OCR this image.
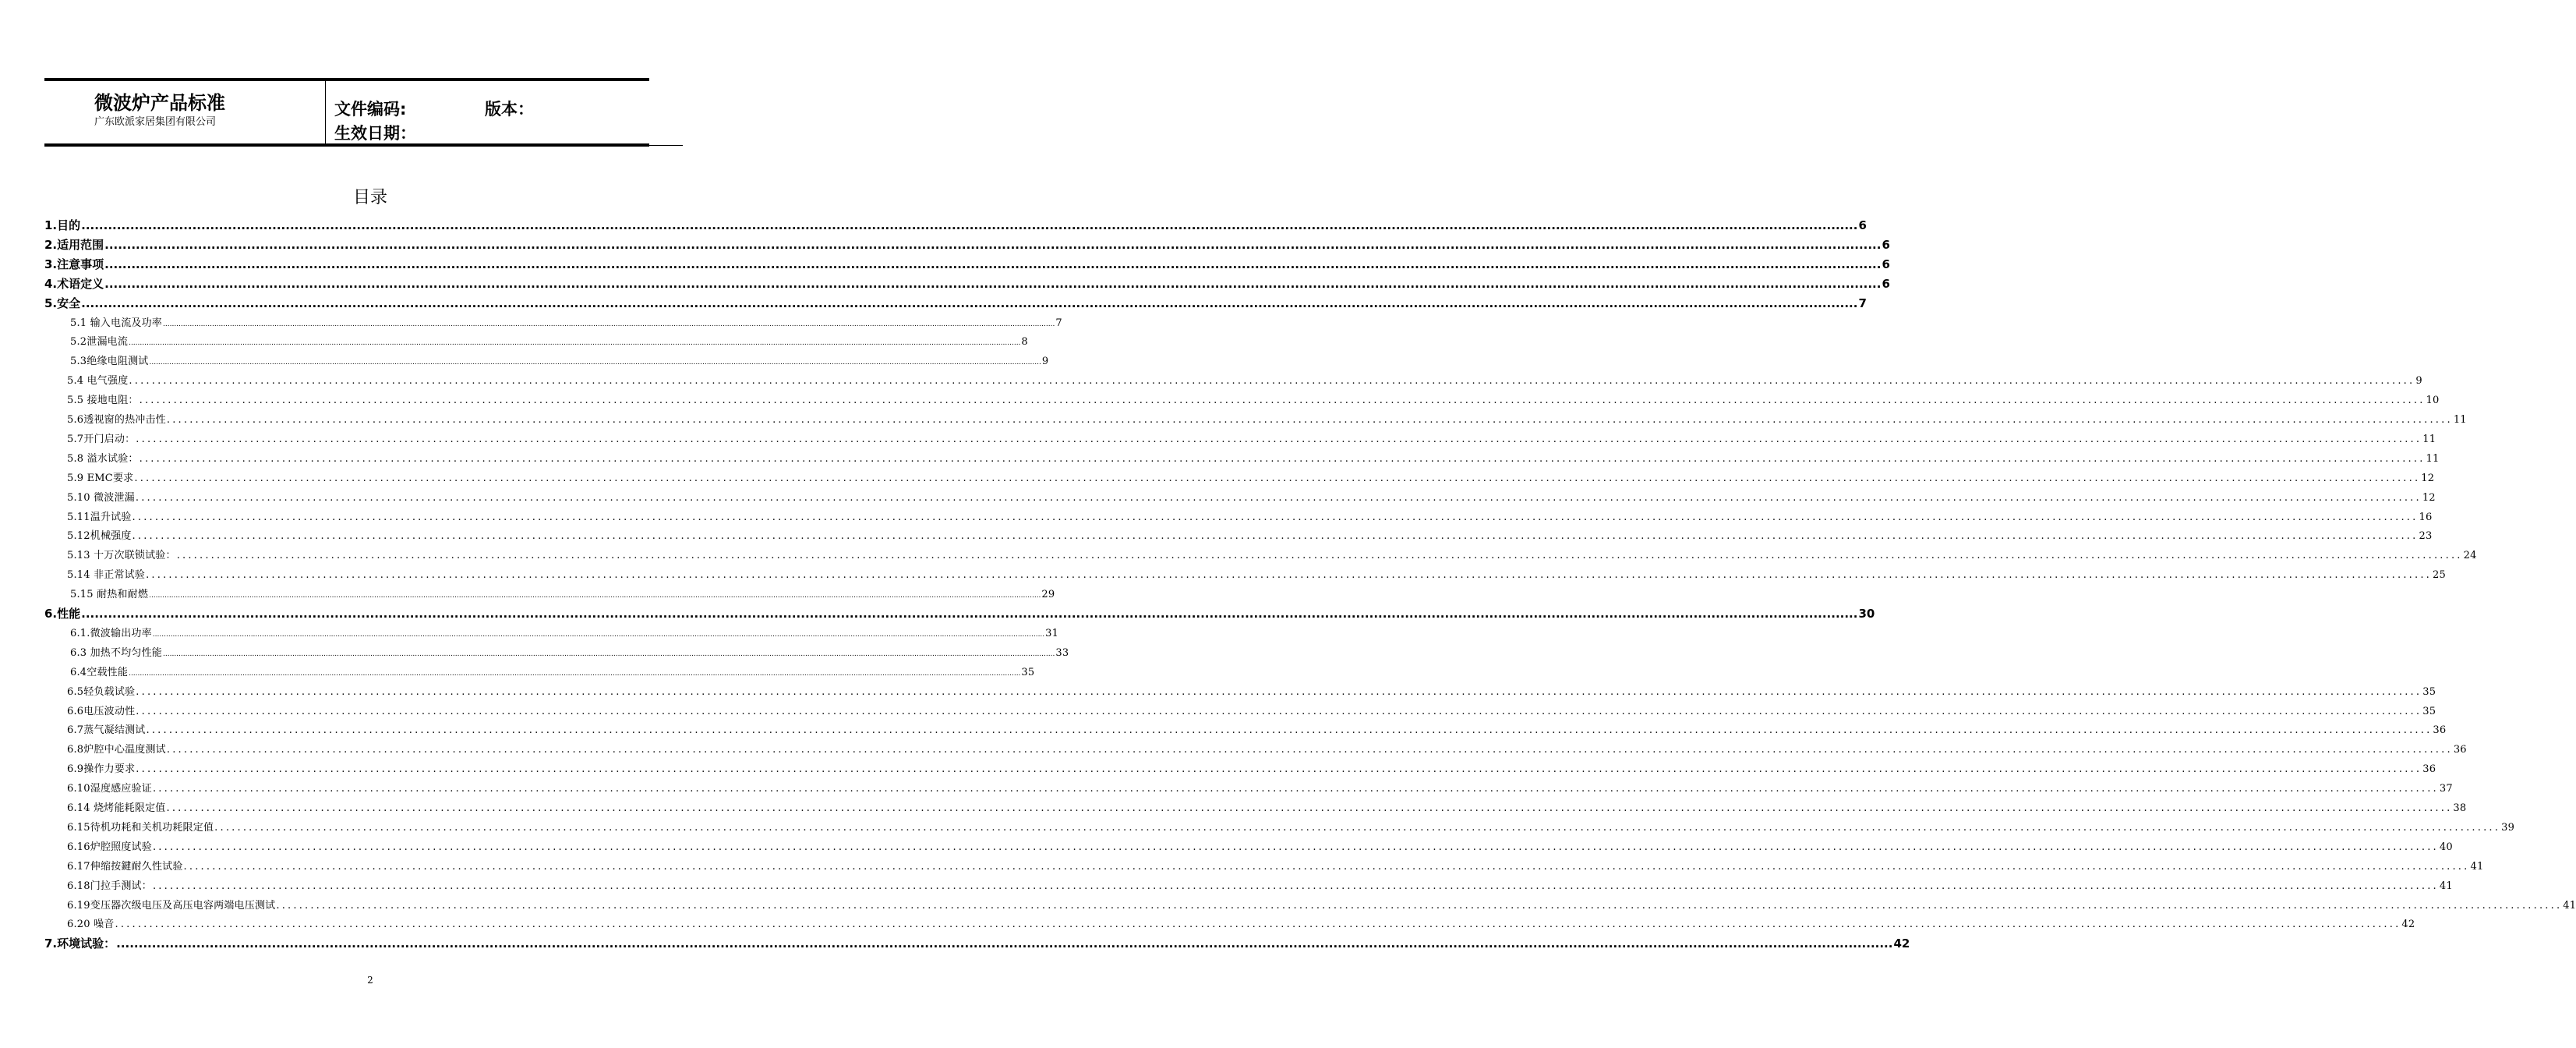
微波炉产品标准
广东欧派家居集团有限公司
文件编码:	版本：
生效日期：
目录
1.目的 ................................................................................................................................................................................................................................................................................................................................................................................................................ 6
2.适用范围 ................................................................................................................................................................................................................................................................................................................................................................................................................ 6
3.注意事项 ................................................................................................................................................................................................................................................................................................................................................................................................................ 6
4.术语定义 ................................................................................................................................................................................................................................................................................................................................................................................................................ 6
5.安全 ................................................................................................................................................................................................................................................................................................................................................................................................................ 7
5.1 输入电流及功率 ................................................................................................................................................................................................................................................................................................................................................................................................................ 7
5.2泄漏电流 ................................................................................................................................................................................................................................................................................................................................................................................................................ 8
5.3绝缘电阻测试 ................................................................................................................................................................................................................................................................................................................................................................................................................ 9
5.4 电气强度 ................................................................................................................................................................................................................................................................................................................................................................................................................ 9
5.5 接地电阻： ................................................................................................................................................................................................................................................................................................................................................................................................................ 10
5.6透视窗的热冲击性 ................................................................................................................................................................................................................................................................................................................................................................................................................ 11
5.7开门启动： ................................................................................................................................................................................................................................................................................................................................................................................................................ 11
5.8 溢水试验： ................................................................................................................................................................................................................................................................................................................................................................................................................ 11
5.9 EMC要求 ................................................................................................................................................................................................................................................................................................................................................................................................................ 12
5.10 微波泄漏 ................................................................................................................................................................................................................................................................................................................................................................................................................ 12
5.11温升试验 ................................................................................................................................................................................................................................................................................................................................................................................................................ 16
5.12机械强度 ................................................................................................................................................................................................................................................................................................................................................................................................................ 23
5.13 十万次联锁试验： ................................................................................................................................................................................................................................................................................................................................................................................................................ 24
5.14 非正常试验 ................................................................................................................................................................................................................................................................................................................................................................................................................ 25
5.15 耐热和耐燃 ................................................................................................................................................................................................................................................................................................................................................................................................................ 29
6.性能 ................................................................................................................................................................................................................................................................................................................................................................................................................ 30
6.1.微波输出功率 ................................................................................................................................................................................................................................................................................................................................................................................................................ 31
6.3 加热不均匀性能 ................................................................................................................................................................................................................................................................................................................................................................................................................ 33
6.4空载性能 ................................................................................................................................................................................................................................................................................................................................................................................................................ 35
6.5轻负载试验 ................................................................................................................................................................................................................................................................................................................................................................................................................ 35
6.6电压波动性 ................................................................................................................................................................................................................................................................................................................................................................................................................ 35
6.7蒸气凝结测试 ................................................................................................................................................................................................................................................................................................................................................................................................................ 36
6.8炉腔中心温度测试 ................................................................................................................................................................................................................................................................................................................................................................................................................ 36
6.9操作力要求 ................................................................................................................................................................................................................................................................................................................................................................................................................ 36
6.10湿度感应验证 ................................................................................................................................................................................................................................................................................................................................................................................................................ 37
6.14 烧烤能耗限定值 ................................................................................................................................................................................................................................................................................................................................................................................................................ 38
6.15待机功耗和关机功耗限定值 ................................................................................................................................................................................................................................................................................................................................................................................................................ 39
6.16炉腔照度试验 ................................................................................................................................................................................................................................................................................................................................................................................................................ 40
6.17伸缩按鍵耐久性试验 ................................................................................................................................................................................................................................................................................................................................................................................................................ 41
6.18门拉手测试： ................................................................................................................................................................................................................................................................................................................................................................................................................ 41
6.19变压器次级电压及高压电容两端电压测试 ................................................................................................................................................................................................................................................................................................................................................................................................................ 41
6.20 噪音 ................................................................................................................................................................................................................................................................................................................................................................................................................ 42
7.环境试验： ................................................................................................................................................................................................................................................................................................................................................................................................................ 42
2
